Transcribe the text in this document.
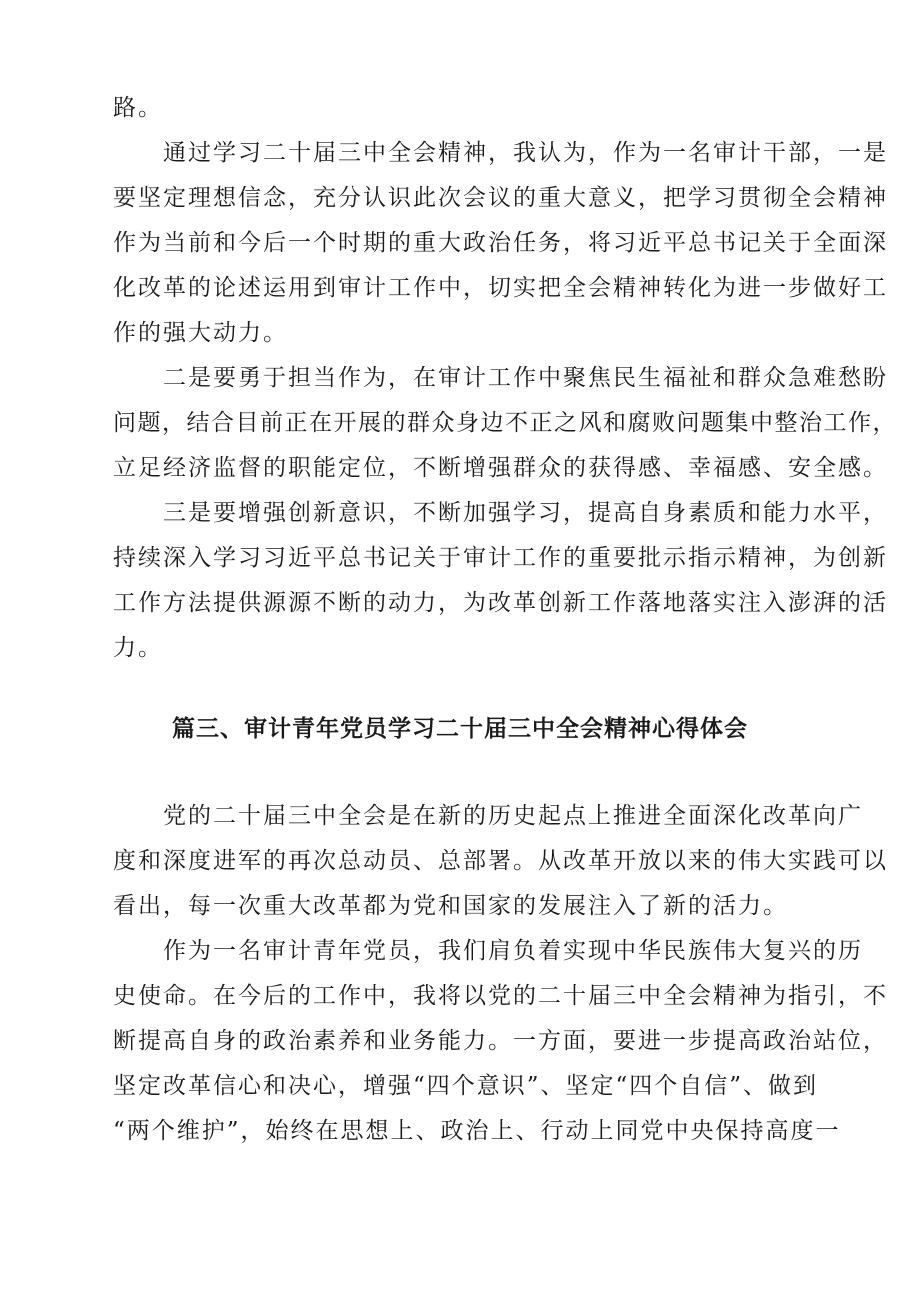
路。
通过学习二十届三中全会精神，我认为，作为一名审计干部，一是
要坚定理想信念，充分认识此次会议的重大意义，把学习贯彻全会精神
作为当前和今后一个时期的重大政治任务，将习近平总书记关于全面深
化改革的论述运用到审计工作中，切实把全会精神转化为进一步做好工
作的强大动力。
二是要勇于担当作为，在审计工作中聚焦民生福祉和群众急难愁盼
问题，结合目前正在开展的群众身边不正之风和腐败问题集中整治工作，
立足经济监督的职能定位，不断增强群众的获得感、幸福感、安全感。
三是要增强创新意识，不断加强学习，提高自身素质和能力水平，
持续深入学习习近平总书记关于审计工作的重要批示指示精神，为创新
工作方法提供源源不断的动力，为改革创新工作落地落实注入澎湃的活
力。
篇三、审计青年党员学习二十届三中全会精神心得体会
党的二十届三中全会是在新的历史起点上推进全面深化改革向广
度和深度进军的再次总动员、总部署。从改革开放以来的伟大实践可以
看出，每一次重大改革都为党和国家的发展注入了新的活力。
作为一名审计青年党员，我们肩负着实现中华民族伟大复兴的历
史使命。在今后的工作中，我将以党的二十届三中全会精神为指引，不
断提高自身的政治素养和业务能力。一方面，要进一步提高政治站位，
坚定改革信心和决心，增强“四个意识”、坚定“四个自信”、做到
“两个维护”，始终在思想上、政治上、行动上同党中央保持高度一
